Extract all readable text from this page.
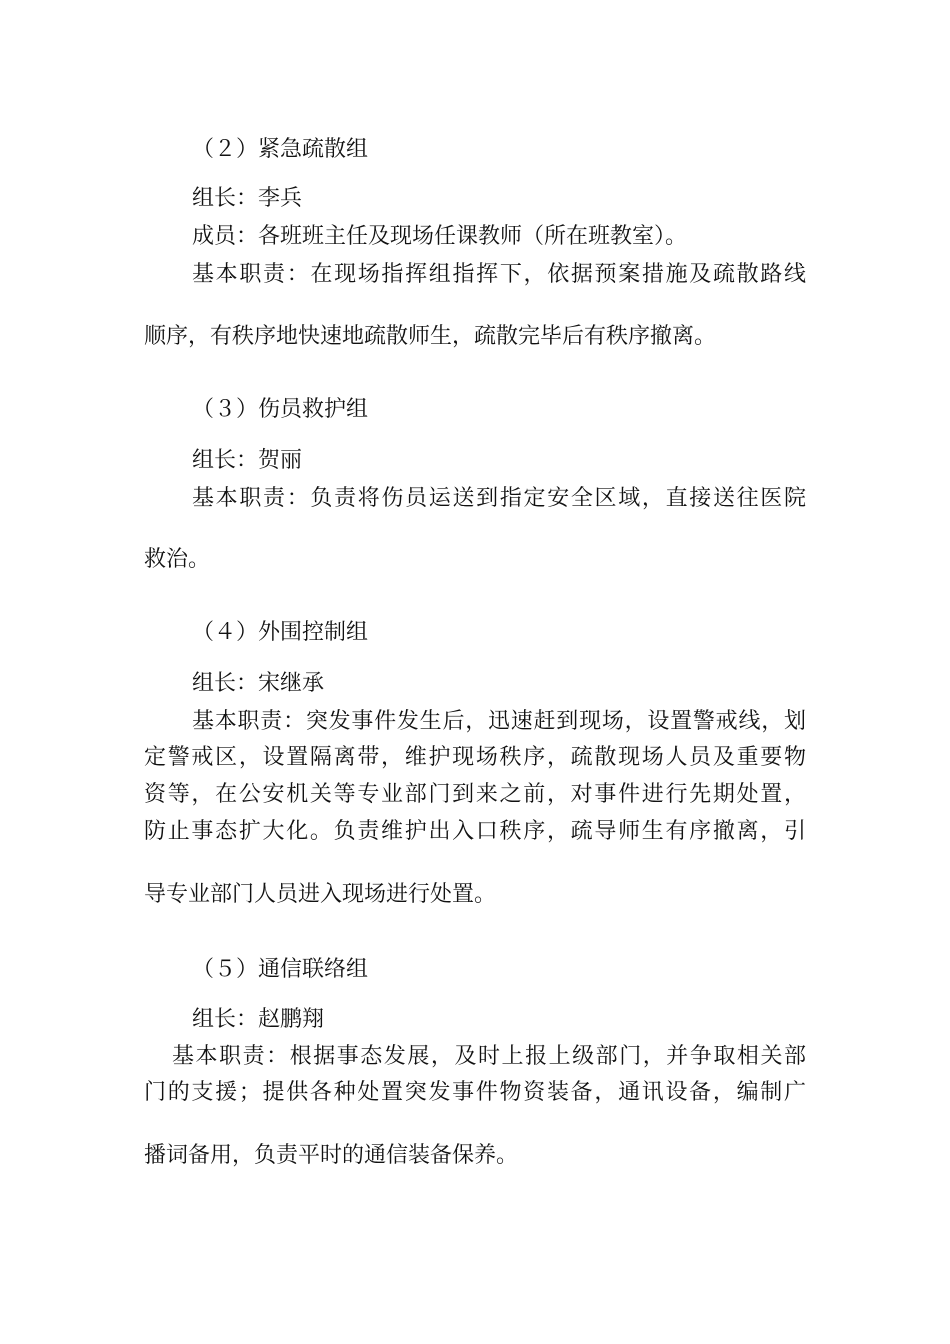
（２）紧急疏散组
组长：李兵
成员：各班班主任及现场任课教师（所在班教室）。
基本职责：在现场指挥组指挥下，依据预案措施及疏散路线
顺序，有秩序地快速地疏散师生，疏散完毕后有秩序撤离。
（３）伤员救护组
组长：贺丽
基本职责：负责将伤员运送到指定安全区域，直接送往医院
救治。
（４）外围控制组
组长：宋继承
基本职责：突发事件发生后，迅速赶到现场，设置警戒线，划
定警戒区，设置隔离带，维护现场秩序，疏散现场人员及重要物
资等，在公安机关等专业部门到来之前，对事件进行先期处置，
防止事态扩大化。负责维护出入口秩序，疏导师生有序撤离，引
导专业部门人员进入现场进行处置。
（５）通信联络组
组长：赵鹏翔
基本职责：根据事态发展，及时上报上级部门，并争取相关部
门的支援；提供各种处置突发事件物资装备，通讯设备，编制广
播词备用，负责平时的通信装备保养。
